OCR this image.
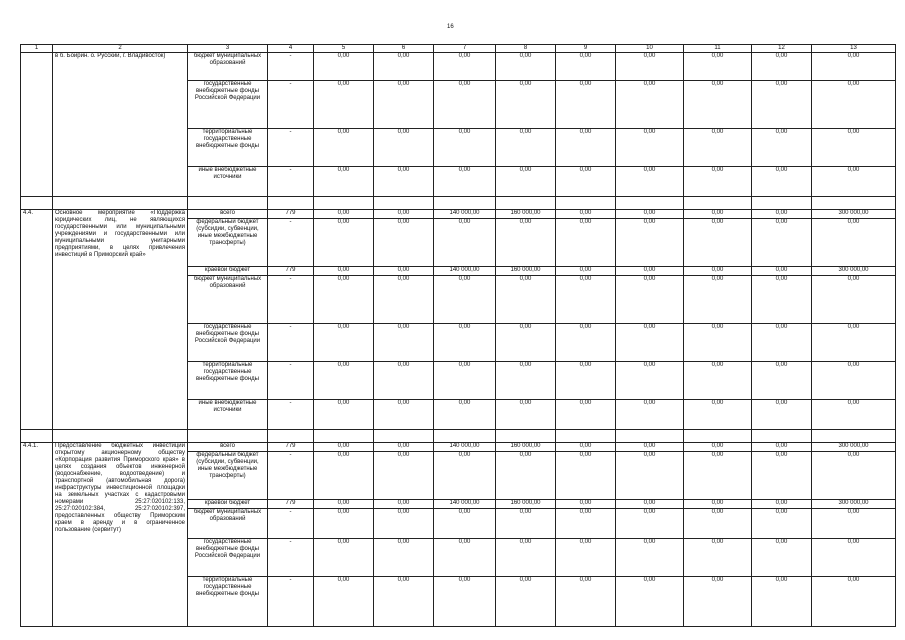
16
1	2	3	4	5	6	7	8	9	10	11	12	13
	в б. Бойрин. о. Русский, г. Владивосток)	бюджет муниципальных образований	-	0,00	0,00	0,00	0,00	0,00	0,00	0,00	0,00	0,00
		государственные внебюджетные фонды Российской Федерации	-	0,00	0,00	0,00	0,00	0,00	0,00	0,00	0,00	0,00
		территориальные государственные внебюджетные фонды	-	0,00	0,00	0,00	0,00	0,00	0,00	0,00	0,00	0,00
		иные внебюджетные источники	-	0,00	0,00	0,00	0,00	0,00	0,00	0,00	0,00	0,00

4.4.	Основное мероприятие «Поддержка юридических лиц, не являющихся государственными или муниципальными учреждениями и государственными или муниципальными унитарными предприятиями, в целях привлечения инвестиций в Приморский край»	всего	779	0,00	0,00	140 000,00	160 000,00	0,00	0,00	0,00	0,00	300 000,00
		федеральный бюджет (субсидии, субвенции, иные межбюджетные трансферты)	-	0,00	0,00	0,00	0,00	0,00	0,00	0,00	0,00	0,00
		краевой бюджет	779	0,00	0,00	140 000,00	160 000,00	0,00	0,00	0,00	0,00	300 000,00
		бюджет муниципальных образований	-	0,00	0,00	0,00	0,00	0,00	0,00	0,00	0,00	0,00
		государственные внебюджетные фонды Российской Федерации	-	0,00	0,00	0,00	0,00	0,00	0,00	0,00	0,00	0,00
		территориальные государственные внебюджетные фонды	-	0,00	0,00	0,00	0,00	0,00	0,00	0,00	0,00	0,00
		иные внебюджетные источники	-	0,00	0,00	0,00	0,00	0,00	0,00	0,00	0,00	0,00

4.4.1.	Предоставление бюджетных инвестиций открытому акционерному обществу «Корпорация развития Приморского края» в целях создания объектов инженерной (водоснабжение, водоотведение) и транспортной (автомобильная дорога) инфраструктуры инвестиционной площадки на земельных участках с кадастровыми номерами 25:27:020102:133, 25:27:020102:384, 25:27:020102:397, предоставленных обществу Приморским краем в аренду и в ограниченное пользование (сервитут)	всего	779	0,00	0,00	140 000,00	160 000,00	0,00	0,00	0,00	0,00	300 000,00
		федеральный бюджет (субсидии, субвенции, иные межбюджетные трансферты)	-	0,00	0,00	0,00	0,00	0,00	0,00	0,00	0,00	0,00
		краевой бюджет	779	0,00	0,00	140 000,00	160 000,00	0,00	0,00	0,00	0,00	300 000,00
		бюджет муниципальных образований	-	0,00	0,00	0,00	0,00	0,00	0,00	0,00	0,00	0,00
		государственные внебюджетные фонды Российской Федерации	-	0,00	0,00	0,00	0,00	0,00	0,00	0,00	0,00	0,00
		территориальные государственные внебюджетные фонды	-	0,00	0,00	0,00	0,00	0,00	0,00	0,00	0,00	0,00
